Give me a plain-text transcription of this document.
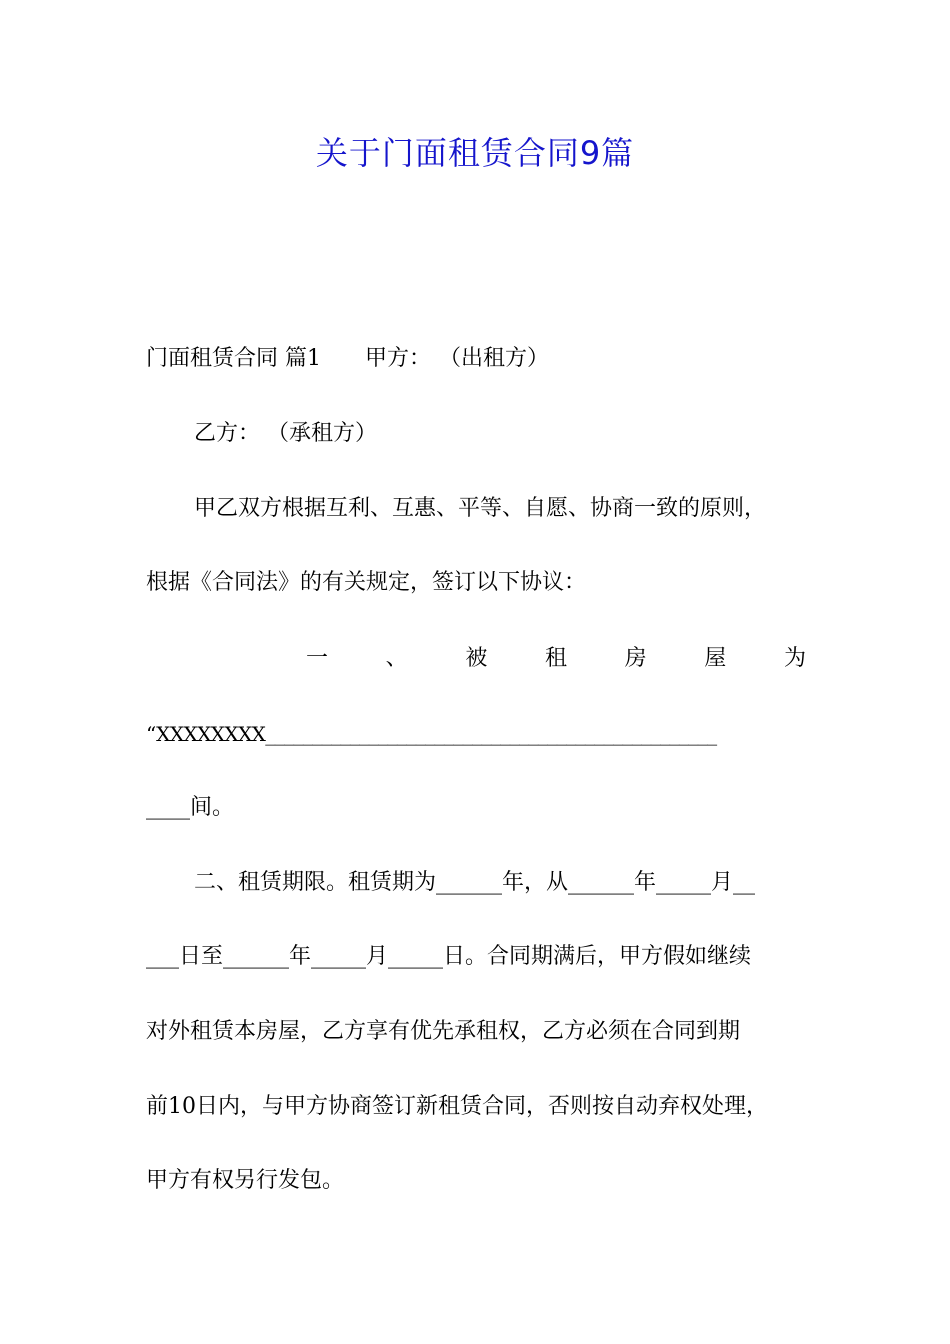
关于门面租赁合同9篇
门面租赁合同 篇1 甲方： （出租方）
乙方： （承租方）
甲乙双方根据互利、互惠、平等、自愿、协商一致的原则，
根据《合同法》的有关规定，签订以下协议：
一	、	被	租	房	屋	为
“XXXXXXXX________________________________________________
____间。
二、租赁期限。租赁期为______年，从______年_____月__
___日至______年_____月_____日。合同期满后，甲方假如继续
对外租赁本房屋，乙方享有优先承租权，乙方必须在合同到期
前10日内，与甲方协商签订新租赁合同，否则按自动弃权处理，
甲方有权另行发包。
